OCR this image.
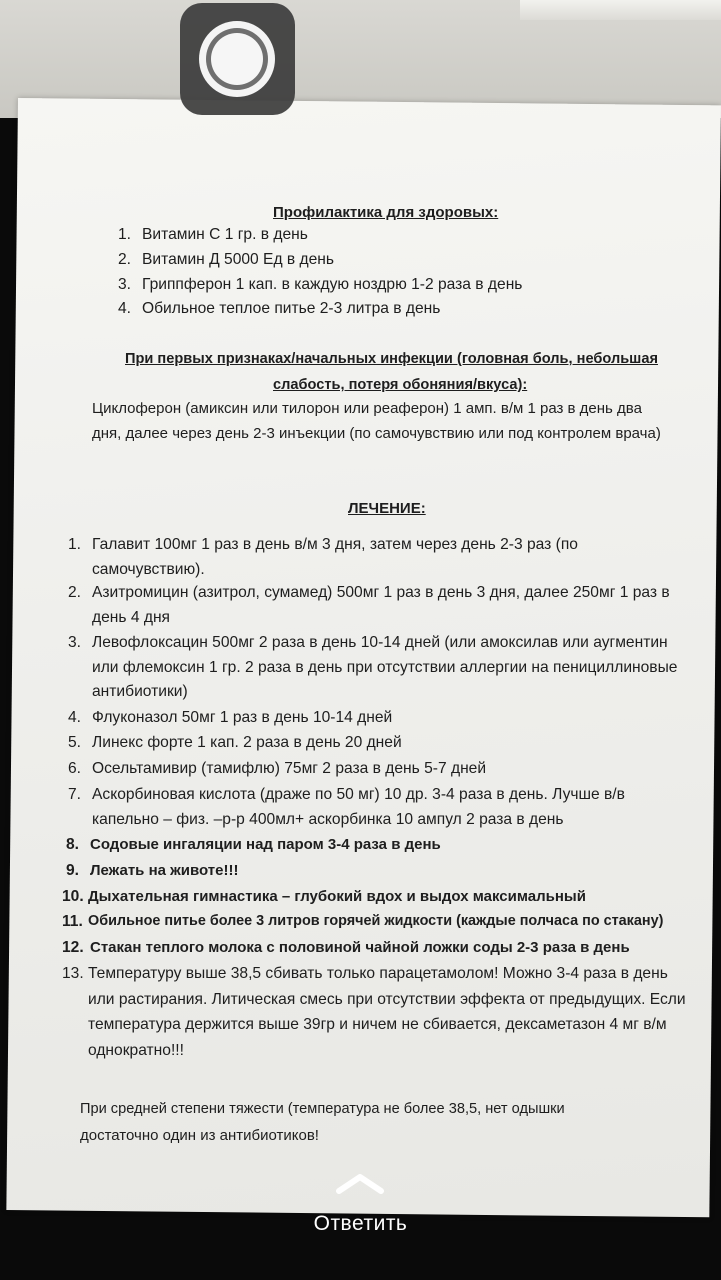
Профилактика для здоровых:
1. Витамин С 1 гр. в день
2. Витамин Д 5000 Ед в день
3. Гриппферон 1 кап. в каждую ноздрю 1-2 раза в день
4. Обильное теплое питье 2-3 литра в день
При первых признаках/начальных инфекции (головная боль, небольшая
слабость, потеря обоняния/вкуса):
Циклоферон (амиксин или тилорон или реаферон) 1 амп. в/м 1 раз в день два
дня, далее через день 2-3 инъекции (по самочувствию или под контролем врача)
ЛЕЧЕНИЕ:
1. Галавит 100мг 1 раз в день в/м 3 дня, затем через день 2-3 раз (по
самочувствию).
2. Азитромицин (азитрол, сумамед) 500мг 1 раз в день 3 дня, далее 250мг 1 раз в
день 4 дня
3. Левофлоксацин 500мг 2 раза в день 10-14 дней (или амоксилав или аугментин
или флемоксин 1 гр. 2 раза в день при отсутствии аллергии на пенициллиновые
антибиотики)
4. Флуконазол 50мг 1 раз в день 10-14 дней
5. Линекс форте 1 кап. 2 раза в день 20 дней
6. Осельтамивир (тамифлю) 75мг 2 раза в день 5-7 дней
7. Аскорбиновая кислота (драже по 50 мг) 10 др. 3-4 раза в день. Лучше в/в
капельно – физ. –р-р 400мл+ аскорбинка 10 ампул 2 раза в день
8. Содовые ингаляции над паром 3-4 раза в день
9. Лежать на животе!!!
10. Дыхательная гимнастика – глубокий вдох и выдох максимальный
11. Обильное питье более 3 литров горячей жидкости (каждые полчаса по стакану)
12. Стакан теплого молока с половиной чайной ложки соды 2-3 раза в день
13. Температуру выше 38,5 сбивать только парацетамолом! Можно 3-4 раза в день
или растирания. Литическая смесь при отсутствии эффекта от предыдущих. Если
температура держится выше 39гр и ничем не сбивается, дексаметазон 4 мг в/м
однократно!!!
При средней степени тяжести (температура не более 38,5, нет одышки
достаточно один из антибиотиков!
Ответить
